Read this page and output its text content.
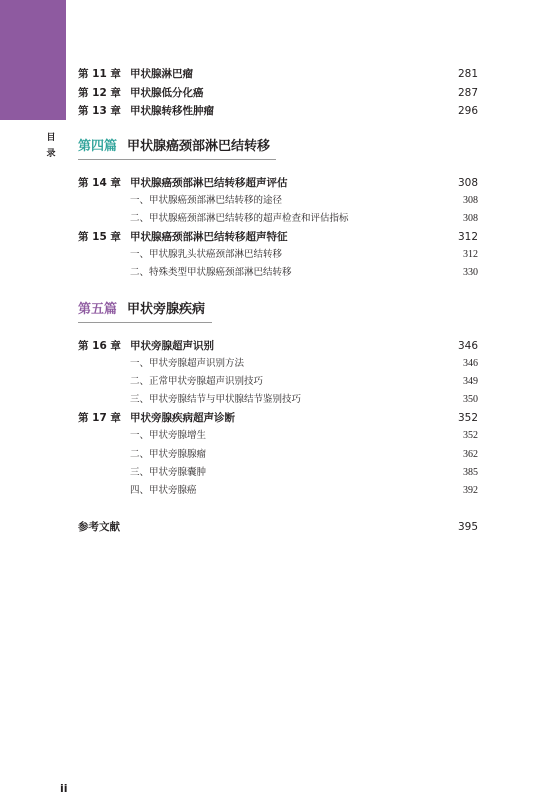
目
录
第 11 章 甲状腺淋巴瘤	281
第 12 章 甲状腺低分化癌	287
第 13 章 甲状腺转移性肿瘤	296
第四篇 甲状腺癌颈部淋巴结转移
第 14 章 甲状腺癌颈部淋巴结转移超声评估	308
一、甲状腺癌颈部淋巴结转移的途径	308
二、甲状腺癌颈部淋巴结转移的超声检查和评估指标	308
第 15 章 甲状腺癌颈部淋巴结转移超声特征	312
一、甲状腺乳头状癌颈部淋巴结转移	312
二、特殊类型甲状腺癌颈部淋巴结转移	330
第五篇 甲状旁腺疾病
第 16 章 甲状旁腺超声识别	346
一、甲状旁腺超声识别方法	346
二、正常甲状旁腺超声识别技巧	349
三、甲状旁腺结节与甲状腺结节鉴别技巧	350
第 17 章 甲状旁腺疾病超声诊断	352
一、甲状旁腺增生	352
二、甲状旁腺腺瘤	362
三、甲状旁腺囊肿	385
四、甲状旁腺癌	392
参考文献	395
ii
